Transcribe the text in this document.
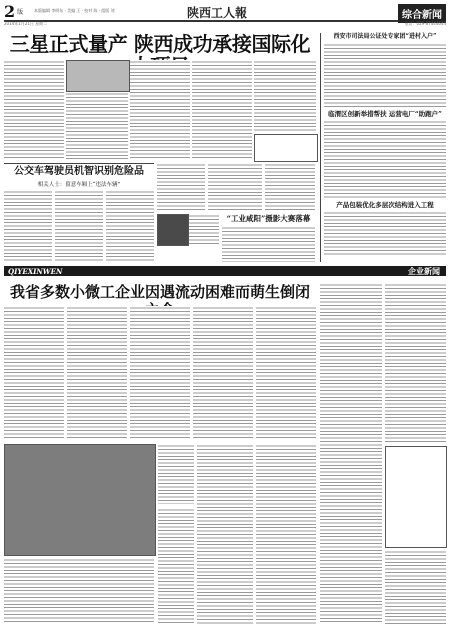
2 版	本版编辑 李明东 · 美编 王 · 校对 陈 · 组版 刘	陕西工人報	综合新闻
2014年1月21日 星期二	电话：029-87444644
三星正式量产 陕西成功承接国际化
公交车驾驶员机智识别危险品
相关人士：留意车厢上“违法车辆”
“工业咸阳”摄影大赛落幕
西安市司法局公证处专家团“进村入户”
临渭区创新举措帮扶 运营电厂“助跑户”
产品包装优化多层次结构进入工程
QIYEXINWEN	企业新闻
我省多数小微工企业因遇流动困难而萌生倒闭
